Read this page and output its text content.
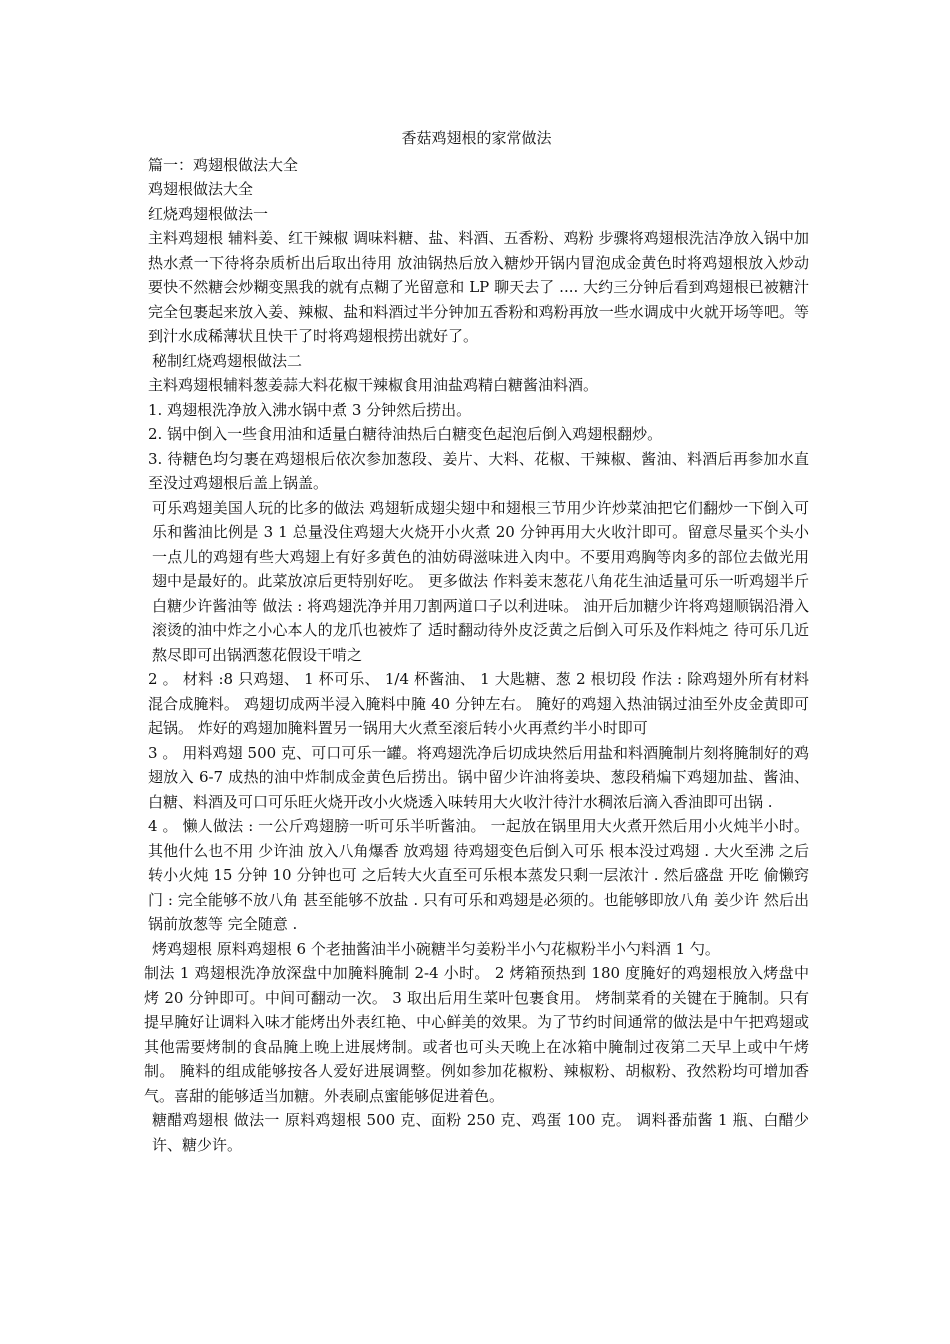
香菇鸡翅根的家常做法

篇一：鸡翅根做法大全

鸡翅根做法大全

红烧鸡翅根做法一

主料鸡翅根 辅料姜、红干辣椒 调味料糖、盐、料酒、五香粉、鸡粉 步骤将鸡翅根洗洁净放入锅中加热水煮一下待将杂质析出后取出待用 放油锅热后放入糖炒开锅内冒泡成金黄色时将鸡翅根放入炒动要快不然糖会炒糊变黑我的就有点糊了光留意和 LP 聊天去了 .... 大约三分钟后看到鸡翅根已被糖汁完全包裹起来放入姜、辣椒、盐和料酒过半分钟加五香粉和鸡粉再放一些水调成中火就开场等吧。等到汁水成稀薄状且快干了时将鸡翅根捞出就好了。

秘制红烧鸡翅根做法二

主料鸡翅根辅料葱姜蒜大料花椒干辣椒食用油盐鸡精白糖酱油料酒。

1. 鸡翅根洗净放入沸水锅中煮 3 分钟然后捞出。

2. 锅中倒入一些食用油和适量白糖待油热后白糖变色起泡后倒入鸡翅根翻炒。

3. 待糖色均匀裹在鸡翅根后依次参加葱段、姜片、大料、花椒、干辣椒、酱油、料酒后再参加水直至没过鸡翅根后盖上锅盖。

可乐鸡翅美国人玩的比多的做法 鸡翅斩成翅尖翅中和翅根三节用少许炒菜油把它们翻炒一下倒入可乐和酱油比例是 3 1 总量没住鸡翅大火烧开小火煮 20 分钟再用大火收汁即可。留意尽量买个头小一点儿的鸡翅有些大鸡翅上有好多黄色的油妨碍滋味进入肉中。不要用鸡胸等肉多的部位去做光用翅中是最好的。此菜放凉后更特别好吃。 更多做法 作料姜末葱花八角花生油适量可乐一听鸡翅半斤白糖少许酱油等 做法 : 将鸡翅洗净并用刀割两道口子以利进味。 油开后加糖少许将鸡翅顺锅沿滑入滚烫的油中炸之小心本人的龙爪也被炸了 适时翻动待外皮泛黄之后倒入可乐及作料炖之 待可乐几近熬尽即可出锅洒葱花假设干啃之

2 。 材料 :8 只鸡翅、 1 杯可乐、 1/4 杯酱油、 1 大匙糖、葱 2 根切段 作法 : 除鸡翅外所有材料混合成腌料。 鸡翅切成两半浸入腌料中腌 40 分钟左右。 腌好的鸡翅入热油锅过油至外皮金黄即可起锅。 炸好的鸡翅加腌料置另一锅用大火煮至滚后转小火再煮约半小时即可

3 。 用料鸡翅 500 克、可口可乐一罐。将鸡翅洗净后切成块然后用盐和料酒腌制片刻将腌制好的鸡翅放入 6-7 成热的油中炸制成金黄色后捞出。锅中留少许油将姜块、葱段稍煸下鸡翅加盐、酱油、白糖、料酒及可口可乐旺火烧开改小火烧透入味转用大火收汁待汁水稠浓后滴入香油即可出锅 .

4 。 懒人做法 : 一公斤鸡翅膀一听可乐半听酱油。 一起放在锅里用大火煮开然后用小火炖半小时。 其他什么也不用 少许油 放入八角爆香 放鸡翅 待鸡翅变色后倒入可乐 根本没过鸡翅 . 大火至沸 之后转小火炖 15 分钟 10 分钟也可 之后转大火直至可乐根本蒸发只剩一层浓汁 . 然后盛盘 开吃 偷懒窍门 : 完全能够不放八角 甚至能够不放盐 . 只有可乐和鸡翅是必须的。也能够即放八角 姜少许 然后出锅前放葱等 完全随意 .

烤鸡翅根 原料鸡翅根 6 个老抽酱油半小碗糖半匀姜粉半小勺花椒粉半小勺料酒 1 勺。

制法 1 鸡翅根洗净放深盘中加腌料腌制 2-4 小时。 2 烤箱预热到 180 度腌好的鸡翅根放入烤盘中烤 20 分钟即可。中间可翻动一次。 3 取出后用生菜叶包裹食用。 烤制菜肴的关键在于腌制。只有提早腌好让调料入味才能烤出外表红艳、中心鲜美的效果。为了节约时间通常的做法是中午把鸡翅或其他需要烤制的食品腌上晚上进展烤制。或者也可头天晚上在冰箱中腌制过夜第二天早上或中午烤制。 腌料的组成能够按各人爱好进展调整。例如参加花椒粉、辣椒粉、胡椒粉、孜然粉均可增加香气。喜甜的能够适当加糖。外表刷点蜜能够促进着色。

糖醋鸡翅根 做法一 原料鸡翅根 500 克、面粉 250 克、鸡蛋 100 克。 调料番茄酱 1 瓶、白醋少许、糖少许。
